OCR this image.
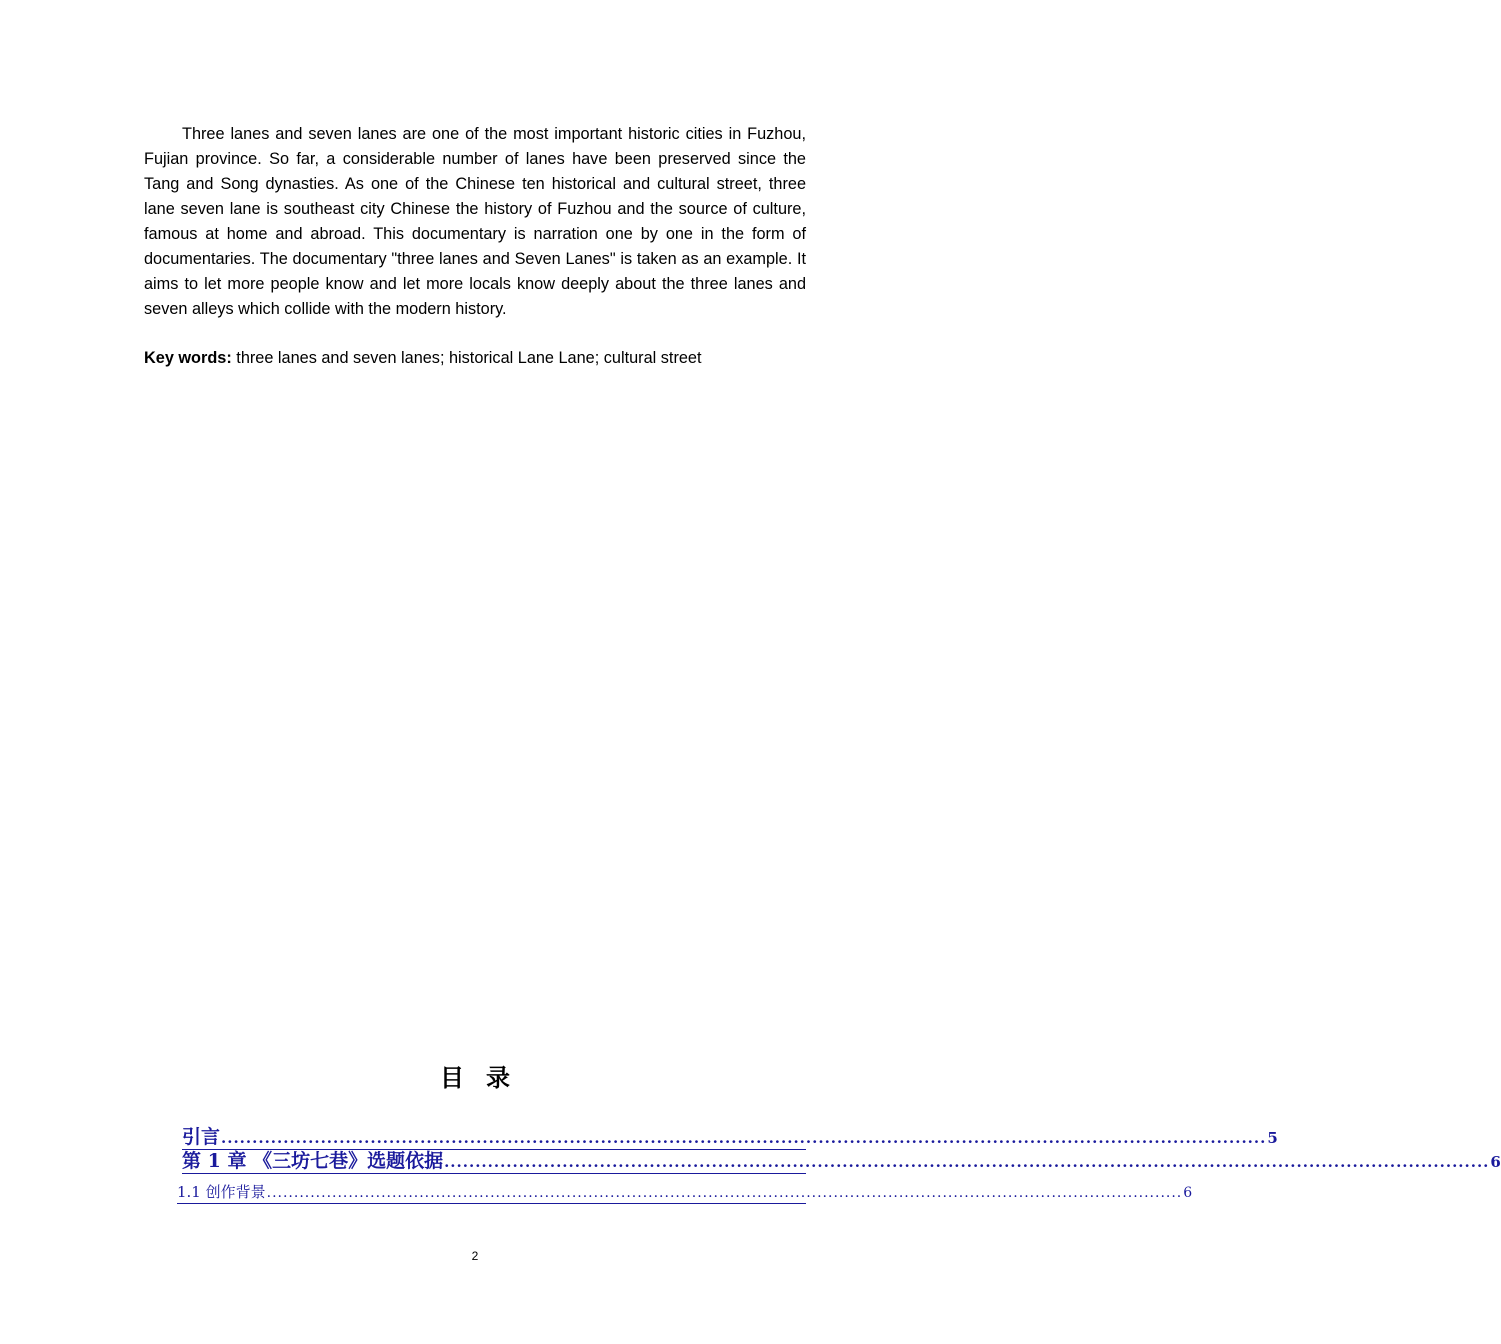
Three lanes and seven lanes are one of the most important historic cities in Fuzhou, Fujian province. So far, a considerable number of lanes have been preserved since the Tang and Song dynasties. As one of the Chinese ten historical and cultural street, three lane seven lane is southeast city Chinese the history of Fuzhou and the source of culture, famous at home and abroad. This documentary is narration one by one in the form of documentaries. The documentary "three lanes and Seven Lanes" is taken as an example. It aims to let more people know and let more locals know deeply about the three lanes and seven alleys which collide with the modern history.

Key words: three lanes and seven lanes; historical Lane Lane; cultural street

目录
引言 ........................................................................................................................................................................ 5
第 1 章 《三坊七巷》选题依据 ........................................................................................................................................................................ 6
1.1 创作背景 ........................................................................................................................................................................ 6
2
